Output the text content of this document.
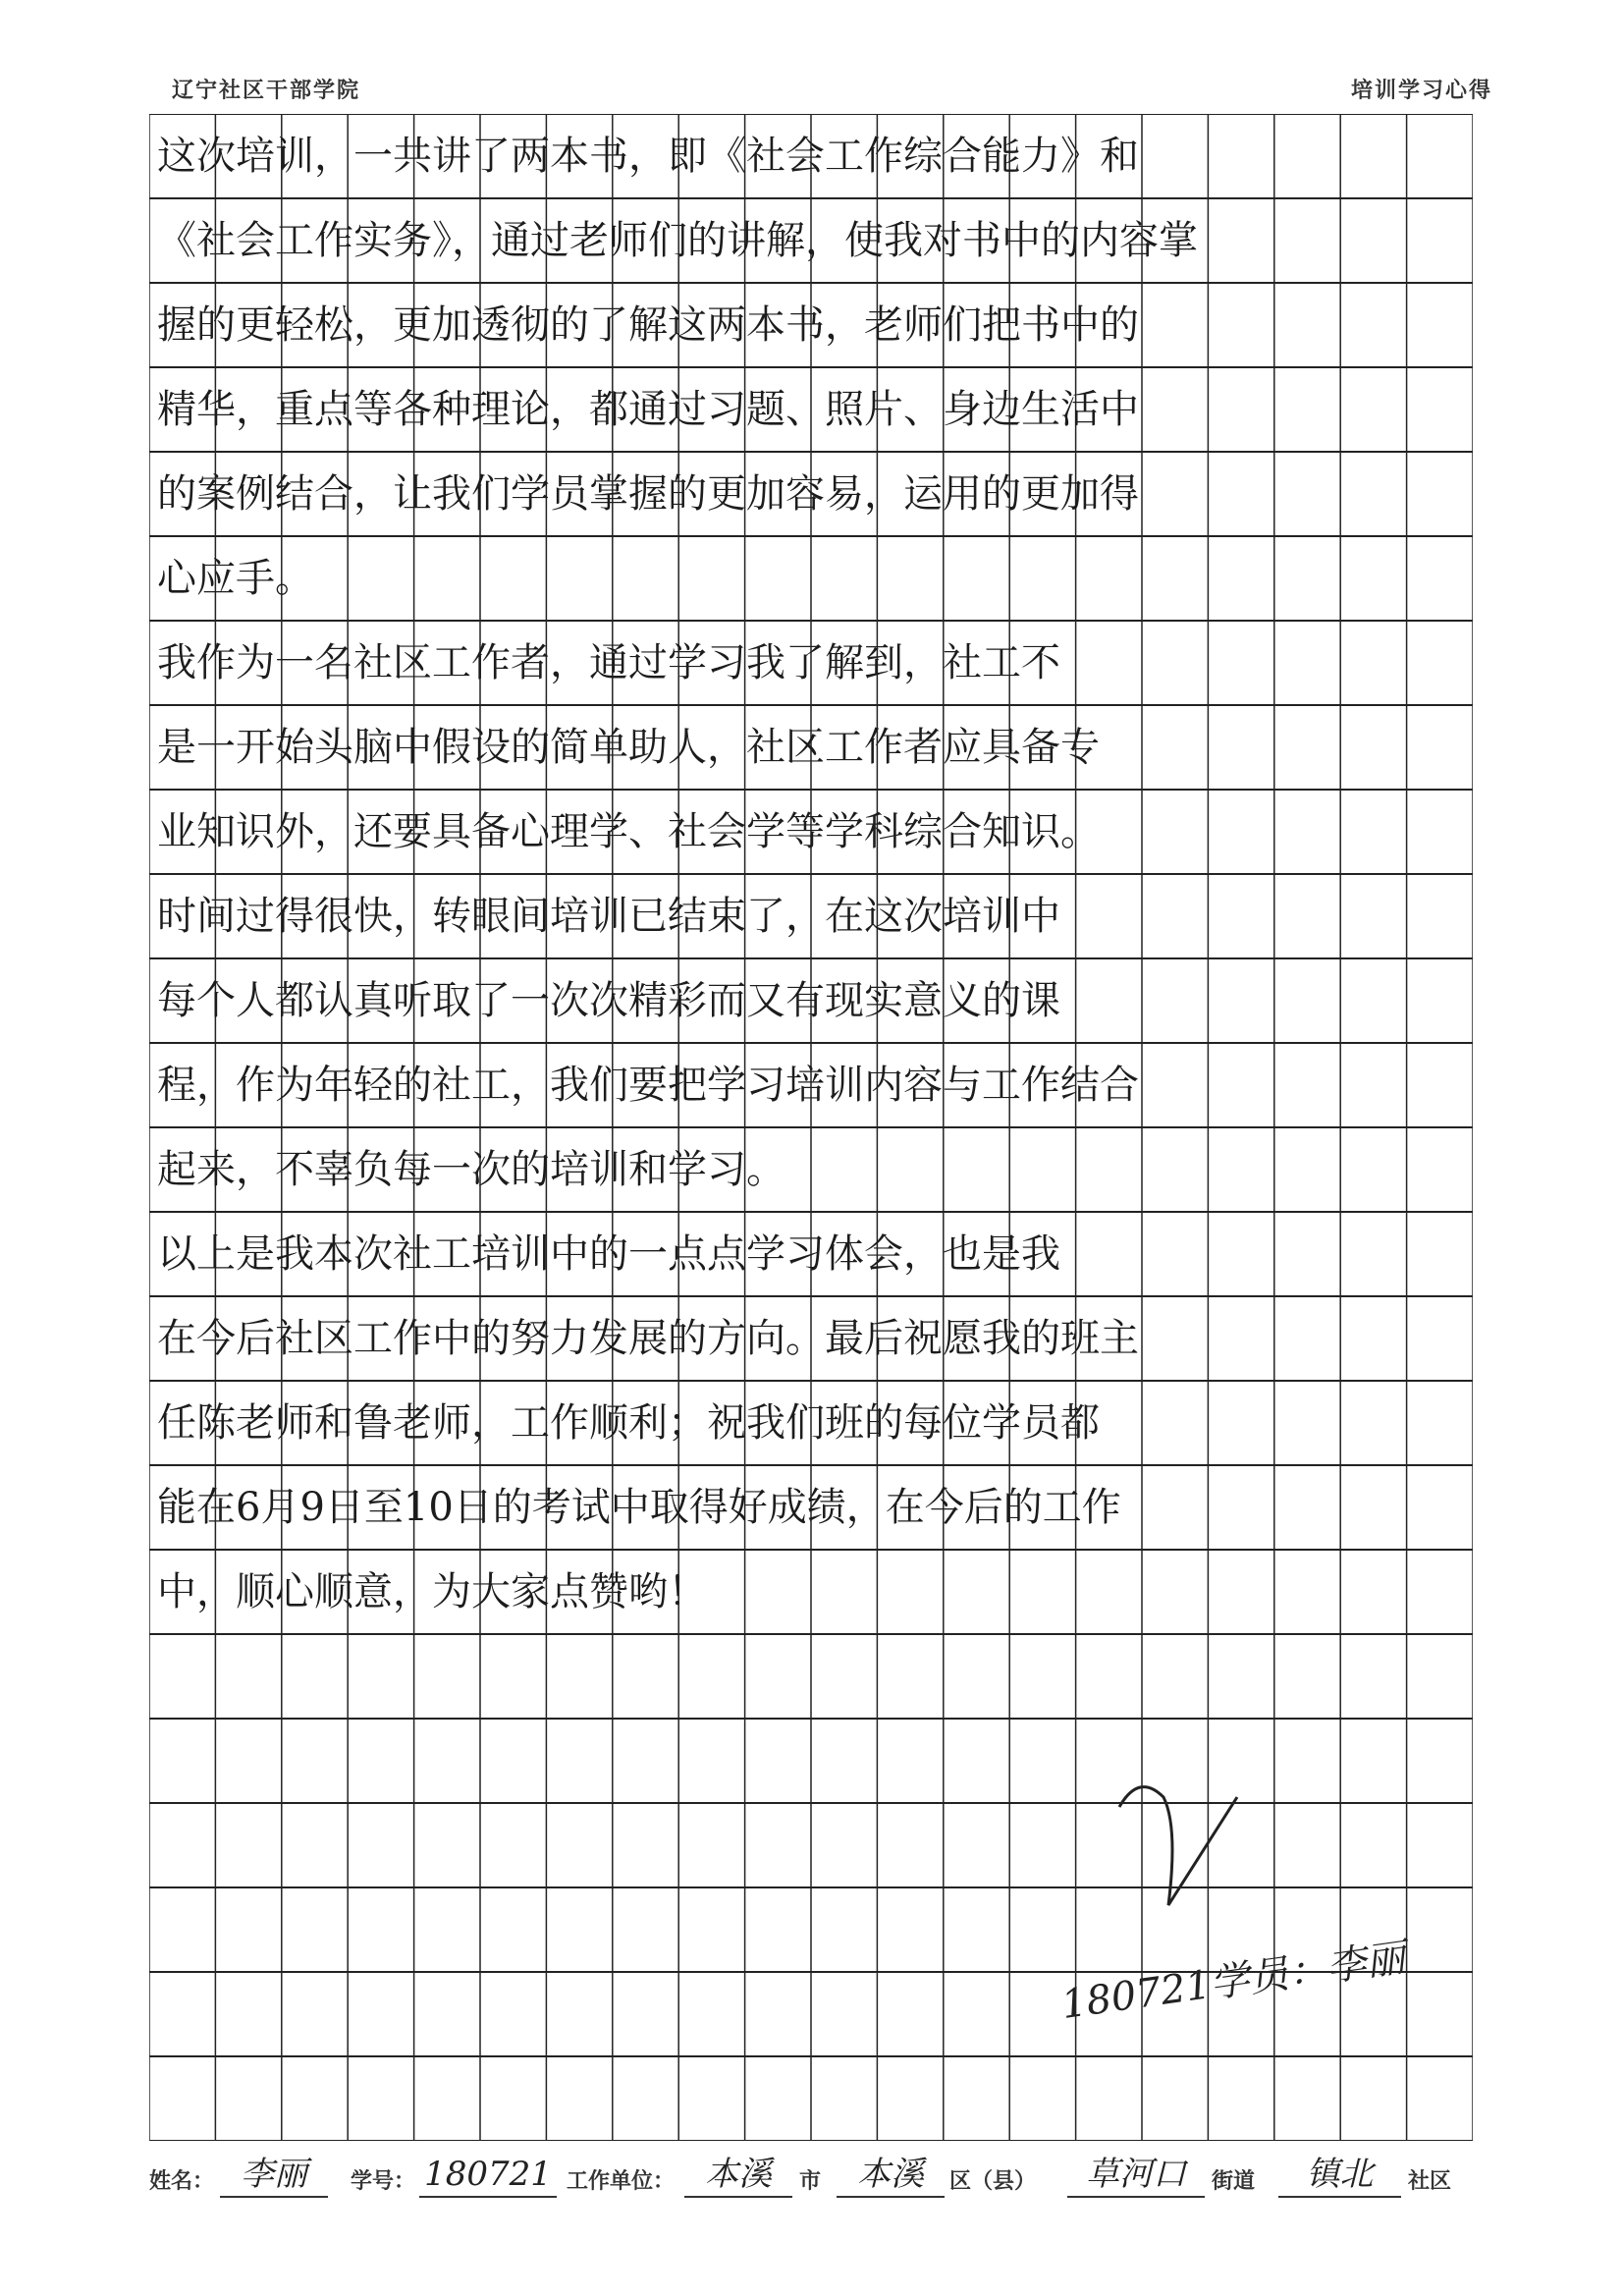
辽宁社区干部学院	培训学习心得
这次培训，一共讲了两本书，即《社会工作综合能力》和
《社会工作实务》，通过老师们的讲解，使我对书中的内容掌
握的更轻松，更加透彻的了解这两本书，老师们把书中的
精华，重点等各种理论，都通过习题、照片、身边生活中
的案例结合，让我们学员掌握的更加容易，运用的更加得
心应手。
我作为一名社区工作者，通过学习我了解到，社工不
是一开始头脑中假设的简单助人，社区工作者应具备专
业知识外，还要具备心理学、社会学等学科综合知识。
时间过得很快，转眼间培训已结束了，在这次培训中
每个人都认真听取了一次次精彩而又有现实意义的课
程，作为年轻的社工，我们要把学习培训内容与工作结合
起来，不辜负每一次的培训和学习。
以上是我本次社工培训中的一点点学习体会，也是我
在今后社区工作中的努力发展的方向。最后祝愿我的班主
任陈老师和鲁老师，工作顺利；祝我们班的每位学员都
能在6月9日至10日的考试中取得好成绩，在今后的工作
中，顺心顺意，为大家点赞哟！
180721学员：李丽
姓名： 李丽	学号： 180721 工作单位： 本溪	市	本溪	区（县）	草河口	街道	镇北	社区
